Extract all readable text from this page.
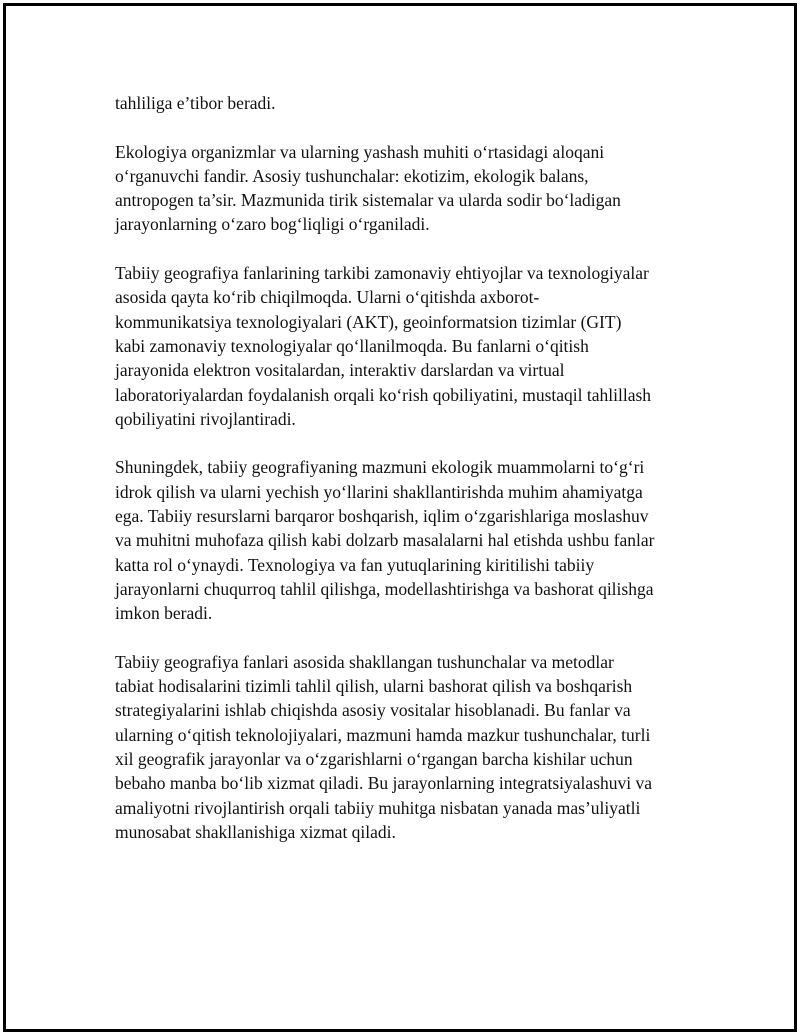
tahliliga e’tibor beradi.

Ekologiya organizmlar va ularning yashash muhiti o‘rtasidagi aloqani
o‘rganuvchi fandir. Asosiy tushunchalar: ekotizim, ekologik balans,
antropogen ta’sir. Mazmunida tirik sistemalar va ularda sodir bo‘ladigan
jarayonlarning o‘zaro bog‘liqligi o‘rganiladi.

Tabiiy geografiya fanlarining tarkibi zamonaviy ehtiyojlar va texnologiyalar
asosida qayta ko‘rib chiqilmoqda. Ularni o‘qitishda axborot-
kommunikatsiya texnologiyalari (AKT), geoinformatsion tizimlar (GIT)
kabi zamonaviy texnologiyalar qo‘llanilmoqda. Bu fanlarni o‘qitish
jarayonida elektron vositalardan, interaktiv darslardan va virtual
laboratoriyalardan foydalanish orqali ko‘rish qobiliyatini, mustaqil tahlillash
qobiliyatini rivojlantiradi.

Shuningdek, tabiiy geografiyaning mazmuni ekologik muammolarni to‘g‘ri
idrok qilish va ularni yechish yo‘llarini shakllantirishda muhim ahamiyatga
ega. Tabiiy resurslarni barqaror boshqarish, iqlim o‘zgarishlariga moslashuv
va muhitni muhofaza qilish kabi dolzarb masalalarni hal etishda ushbu fanlar
katta rol o‘ynaydi. Texnologiya va fan yutuqlarining kiritilishi tabiiy
jarayonlarni chuqurroq tahlil qilishga, modellashtirishga va bashorat qilishga
imkon beradi.

Tabiiy geografiya fanlari asosida shakllangan tushunchalar va metodlar
tabiat hodisalarini tizimli tahlil qilish, ularni bashorat qilish va boshqarish
strategiyalarini ishlab chiqishda asosiy vositalar hisoblanadi. Bu fanlar va
ularning o‘qitish teknolojiyalari, mazmuni hamda mazkur tushunchalar, turli
xil geografik jarayonlar va o‘zgarishlarni o‘rgangan barcha kishilar uchun
bebaho manba bo‘lib xizmat qiladi. Bu jarayonlarning integratsiyalashuvi va
amaliyotni rivojlantirish orqali tabiiy muhitga nisbatan yanada mas’uliyatli
munosabat shakllanishiga xizmat qiladi.
